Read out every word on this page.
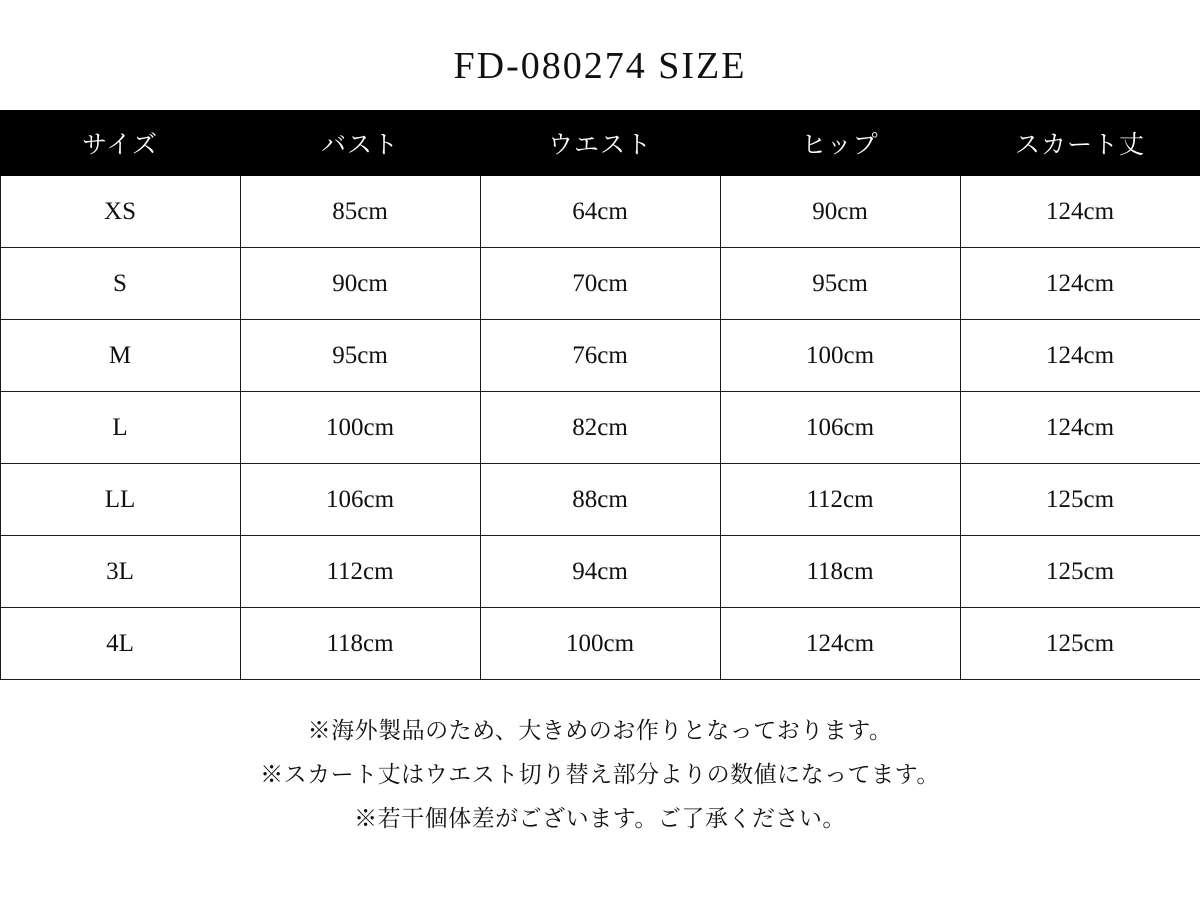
FD-080274 SIZE
サイズ	バスト	ウエスト	ヒップ	スカート丈
XS	85cm	64cm	90cm	124cm
S	90cm	70cm	95cm	124cm
M	95cm	76cm	100cm	124cm
L	100cm	82cm	106cm	124cm
LL	106cm	88cm	112cm	125cm
3L	112cm	94cm	118cm	125cm
4L	118cm	100cm	124cm	125cm

※海外製品のため、大きめのお作りとなっております。

※スカート丈はウエスト切り替え部分よりの数値になってます。

※若干個体差がございます。ご了承ください。
